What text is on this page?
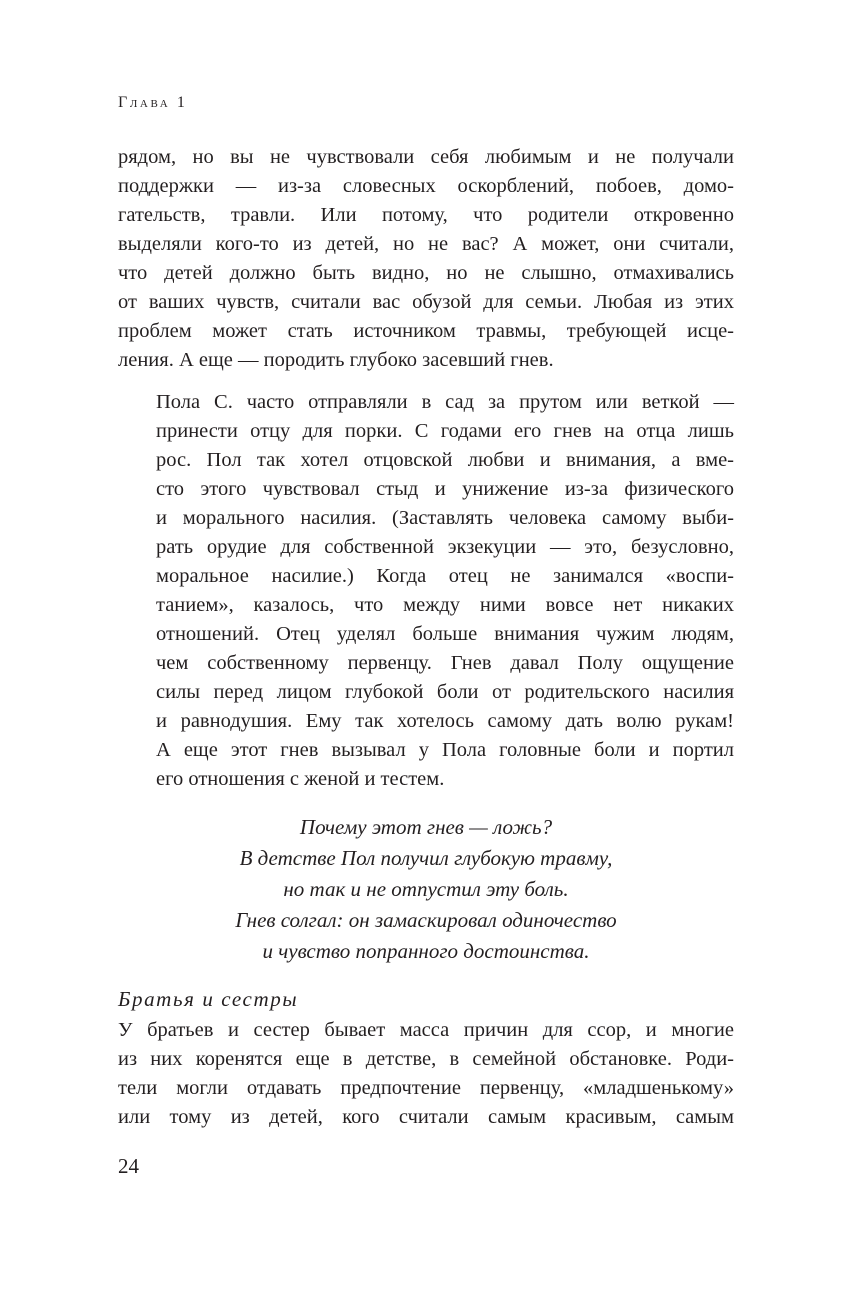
Глава 1
рядом, но вы не чувствовали себя любимым и не получали
поддержки — из-за словесных оскорблений, побоев, домо-
гательств, травли. Или потому, что родители откровенно
выделяли кого-то из детей, но не вас? А может, они считали,
что детей должно быть видно, но не слышно, отмахивались
от ваших чувств, считали вас обузой для семьи. Любая из этих
проблем может стать источником травмы, требующей исце-
ления. А еще — породить глубоко засевший гнев.
Пола С. часто отправляли в сад за прутом или веткой —
принести отцу для порки. С годами его гнев на отца лишь
рос. Пол так хотел отцовской любви и внимания, а вме-
сто этого чувствовал стыд и унижение из-за физического
и морального насилия. (Заставлять человека самому выби-
рать орудие для собственной экзекуции — это, безусловно,
моральное насилие.) Когда отец не занимался «воспи-
танием», казалось, что между ними вовсе нет никаких
отношений. Отец уделял больше внимания чужим людям,
чем собственному первенцу. Гнев давал Полу ощущение
силы перед лицом глубокой боли от родительского насилия
и равнодушия. Ему так хотелось самому дать волю рукам!
А еще этот гнев вызывал у Пола головные боли и портил
его отношения с женой и тестем.
Почему этот гнев — ложь?
В детстве Пол получил глубокую травму,
но так и не отпустил эту боль.
Гнев солгал: он замаскировал одиночество
и чувство попранного достоинства.
Братья и сестры
У братьев и сестер бывает масса причин для ссор, и многие
из них коренятся еще в детстве, в семейной обстановке. Роди-
тели могли отдавать предпочтение первенцу, «младшенькому»
или тому из детей, кого считали самым красивым, самым
24
